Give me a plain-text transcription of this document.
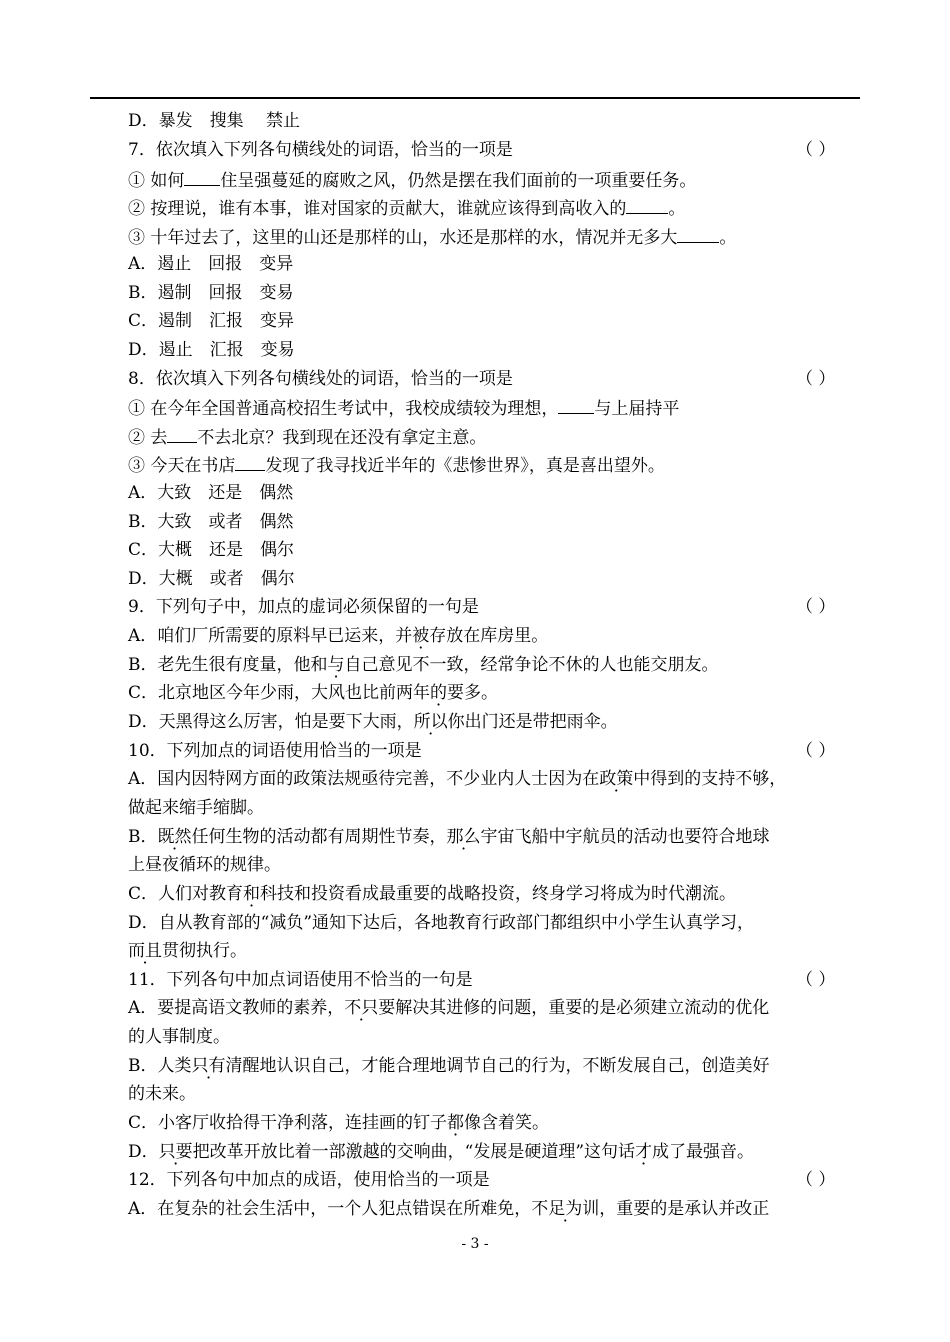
D．暴发　搜集　 禁止
7．依次填入下列各句横线处的词语，恰当的一项是	（ ）
① 如何 住呈强蔓延的腐败之风，仍然是摆在我们面前的一项重要任务。
② 按理说，谁有本事，谁对国家的贡献大，谁就应该得到高收入的 。
③ 十年过去了，这里的山还是那样的山，水还是那样的水，情况并无多大 。
A．遏止　回报　变异
B．遏制　回报　变易
C．遏制　汇报　变异
D．遏止　汇报　变易
8．依次填入下列各句横线处的词语，恰当的一项是	（ ）
① 在今年全国普通高校招生考试中，我校成绩较为理想， 与上届持平
② 去 不去北京？我到现在还没有拿定主意。
③ 今天在书店 发现了我寻找近半年的《悲惨世界》，真是喜出望外。
A．大致　还是　偶然
B．大致　或者　偶然
C．大概　还是　偶尔
D．大概　或者　偶尔
9．下列句子中，加点的虚词必须保留的一句是	（ ）
A．咱们厂所需要的原料早已运来，并被存放在库房里。
B．老先生很有度量，他和与自己意见不一致，经常争论不休的人也能交朋友。
C．北京地区今年少雨，大风也比前两年的要多。
D．天黑得这么厉害，怕是要下大雨，所以你出门还是带把雨伞。
10．下列加点的词语使用恰当的一项是	（ ）
A．国内因特网方面的政策法规亟待完善，不少业内人士因为在政策中得到的支持不够，
做起来缩手缩脚。
B．既然任何生物的活动都有周期性节奏，那么宇宙飞船中宇航员的活动也要符合地球
上昼夜循环的规律。
C．人们对教育和科技和投资看成最重要的战略投资，终身学习将成为时代潮流。
D．自从教育部的“减负”通知下达后，各地教育行政部门都组织中小学生认真学习，
而且贯彻执行。
11．下列各句中加点词语使用不恰当的一句是	（ ）
A．要提高语文教师的素养，不只要解决其进修的问题，重要的是必须建立流动的优化
的人事制度。
B．人类只有清醒地认识自己，才能合理地调节自己的行为，不断发展自己，创造美好
的未来。
C．小客厅收拾得干净利落，连挂画的钉子都像含着笑。
D．只要把改革开放比着一部激越的交响曲，“发展是硬道理”这句话才成了最强音。
12．下列各句中加点的成语，使用恰当的一项是	（ ）
A．在复杂的社会生活中，一个人犯点错误在所难免，不足为训，重要的是承认并改正
- 3 -
